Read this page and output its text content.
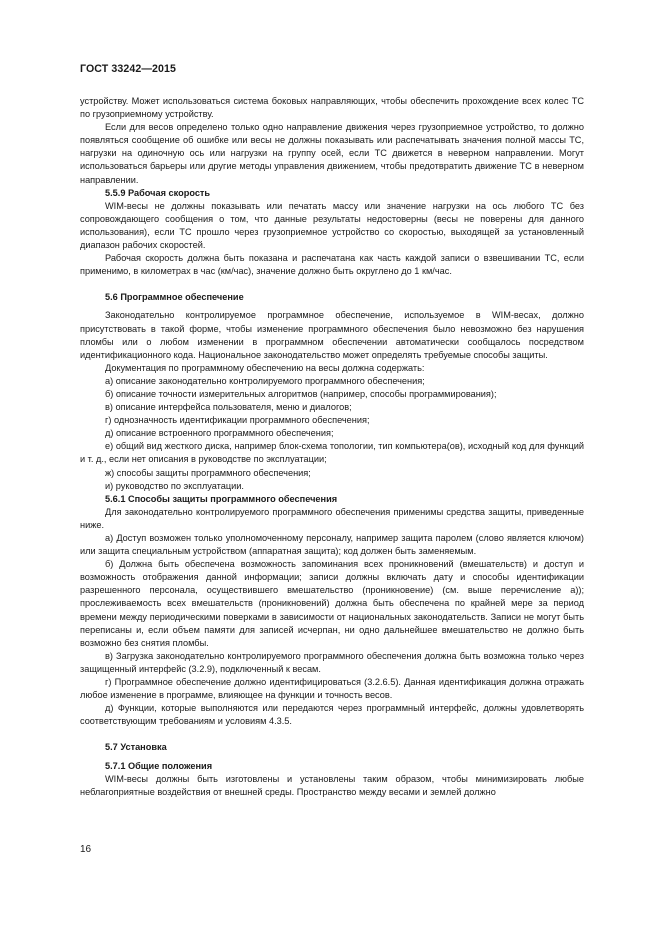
ГОСТ 33242—2015

устройству. Может использоваться система боковых направляющих, чтобы обеспечить прохождение всех колес ТС по грузоприемному устройству.

Если для весов определено только одно направление движения через грузоприемное устройство, то должно появляться сообщение об ошибке или весы не должны показывать или распечатывать значения полной массы ТС, нагрузки на одиночную ось или нагрузки на группу осей, если ТС движется в неверном направлении. Могут использоваться барьеры или другие методы управления движением, чтобы предотвратить движение ТС в неверном направлении.

5.5.9 Рабочая скорость

WIM-весы не должны показывать или печатать массу или значение нагрузки на ось любого ТС без сопровождающего сообщения о том, что данные результаты недостоверны (весы не поверены для данного использования), если ТС прошло через грузоприемное устройство со скоростью, выходящей за установленный диапазон рабочих скоростей.

Рабочая скорость должна быть показана и распечатана как часть каждой записи о взвешивании ТС, если применимо, в километрах в час (км/час), значение должно быть округлено до 1 км/час.

5.6 Программное обеспечение

Законодательно контролируемое программное обеспечение, используемое в WIM-весах, должно присутствовать в такой форме, чтобы изменение программного обеспечения было невозможно без нарушения пломбы или о любом изменении в программном обеспечении автоматически сообщалось посредством идентификационного кода. Национальное законодательство может определять требуемые способы защиты.

Документация по программному обеспечению на весы должна содержать:

а) описание законодательно контролируемого программного обеспечения;

б) описание точности измерительных алгоритмов (например, способы программирования);

в) описание интерфейса пользователя, меню и диалогов;

г) однозначность идентификации программного обеспечения;

д) описание встроенного программного обеспечения;

е) общий вид жесткого диска, например блок-схема топологии, тип компьютера(ов), исходный код для функций и т. д., если нет описания в руководстве по эксплуатации;

ж) способы защиты программного обеспечения;

и) руководство по эксплуатации.

5.6.1 Способы защиты программного обеспечения

Для законодательно контролируемого программного обеспечения применимы средства защиты, приведенные ниже.

а) Доступ возможен только уполномоченному персоналу, например защита паролем (слово является ключом) или защита специальным устройством (аппаратная защита); код должен быть заменяемым.

б) Должна быть обеспечена возможность запоминания всех проникновений (вмешательств) и доступ и возможность отображения данной информации; записи должны включать дату и способы идентификации разрешенного персонала, осуществившего вмешательство (проникновение) (см. выше перечисление а)); прослеживаемость всех вмешательств (проникновений) должна быть обеспечена по крайней мере за период времени между периодическими поверками в зависимости от национальных законодательств. Записи не могут быть переписаны и, если объем памяти для записей исчерпан, ни одно дальнейшее вмешательство не должно быть возможно без снятия пломбы.

в) Загрузка законодательно контролируемого программного обеспечения должна быть возможна только через защищенный интерфейс (3.2.9), подключенный к весам.

г) Программное обеспечение должно идентифицироваться (3.2.6.5). Данная идентификация должна отражать любое изменение в программе, влияющее на функции и точность весов.

д) Функции, которые выполняются или передаются через программный интерфейс, должны удовлетворять соответствующим требованиям и условиям 4.3.5.

5.7 Установка

5.7.1 Общие положения

WIM-весы должны быть изготовлены и установлены таким образом, чтобы минимизировать любые неблагоприятные воздействия от внешней среды. Пространство между весами и землей должно

16
